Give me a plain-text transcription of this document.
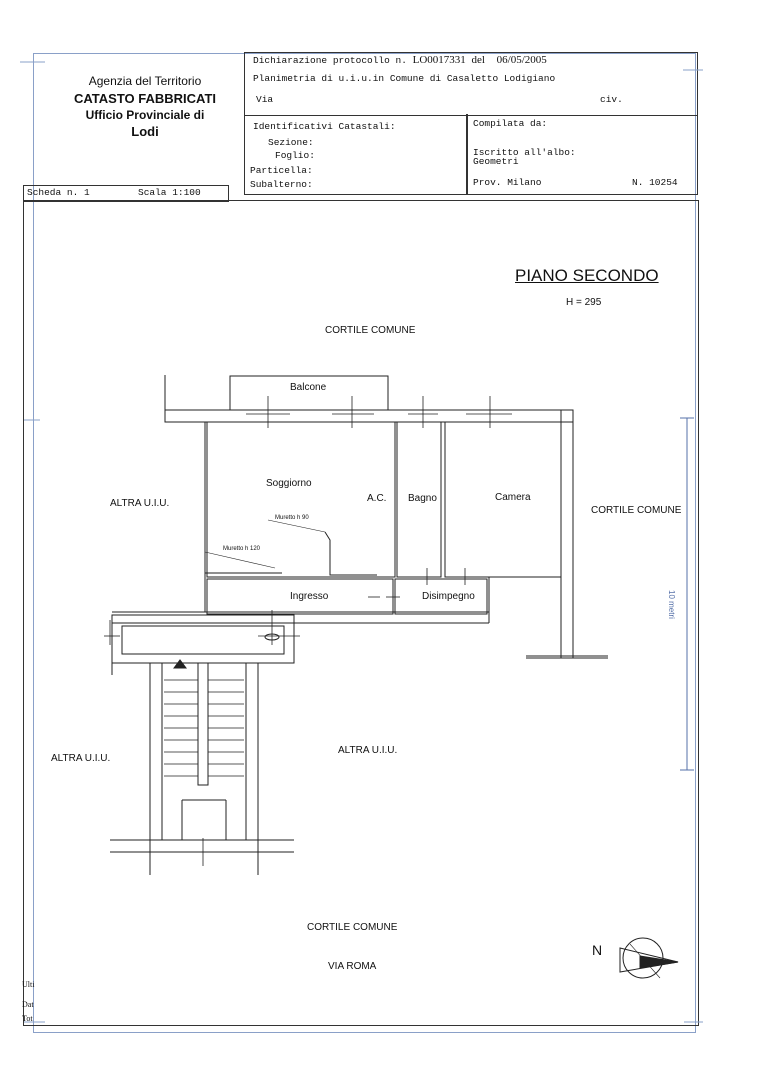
Agenzia del Territorio
CATASTO FABBRICATI
Ufficio Provinciale di
Lodi
Dichiarazione protocollo n. LO0017331 del 06/05/2005
Planimetria di u.i.u.in Comune di Casaletto Lodigiano
Via	civ.
Identificativi Catastali:
Sezione:
Foglio:
Particella:
Subalterno:
Compilata da:
Iscritto all'albo:
Geometri
Prov. Milano	N. 10254
Scheda n. 1	Scala 1:100
PIANO SECONDO
H = 295
CORTILE COMUNE
Balcone
Soggiorno
A.C. Bagno	Camera
Ingresso	Disimpegno
Muretto h 90
Muretto h 120
ALTRA U.I.U.
CORTILE COMUNE
ALTRA U.I.U.
ALTRA U.I.U.
CORTILE COMUNE
VIA ROMA
10 metri
N
Ulti
Dat
Tot
